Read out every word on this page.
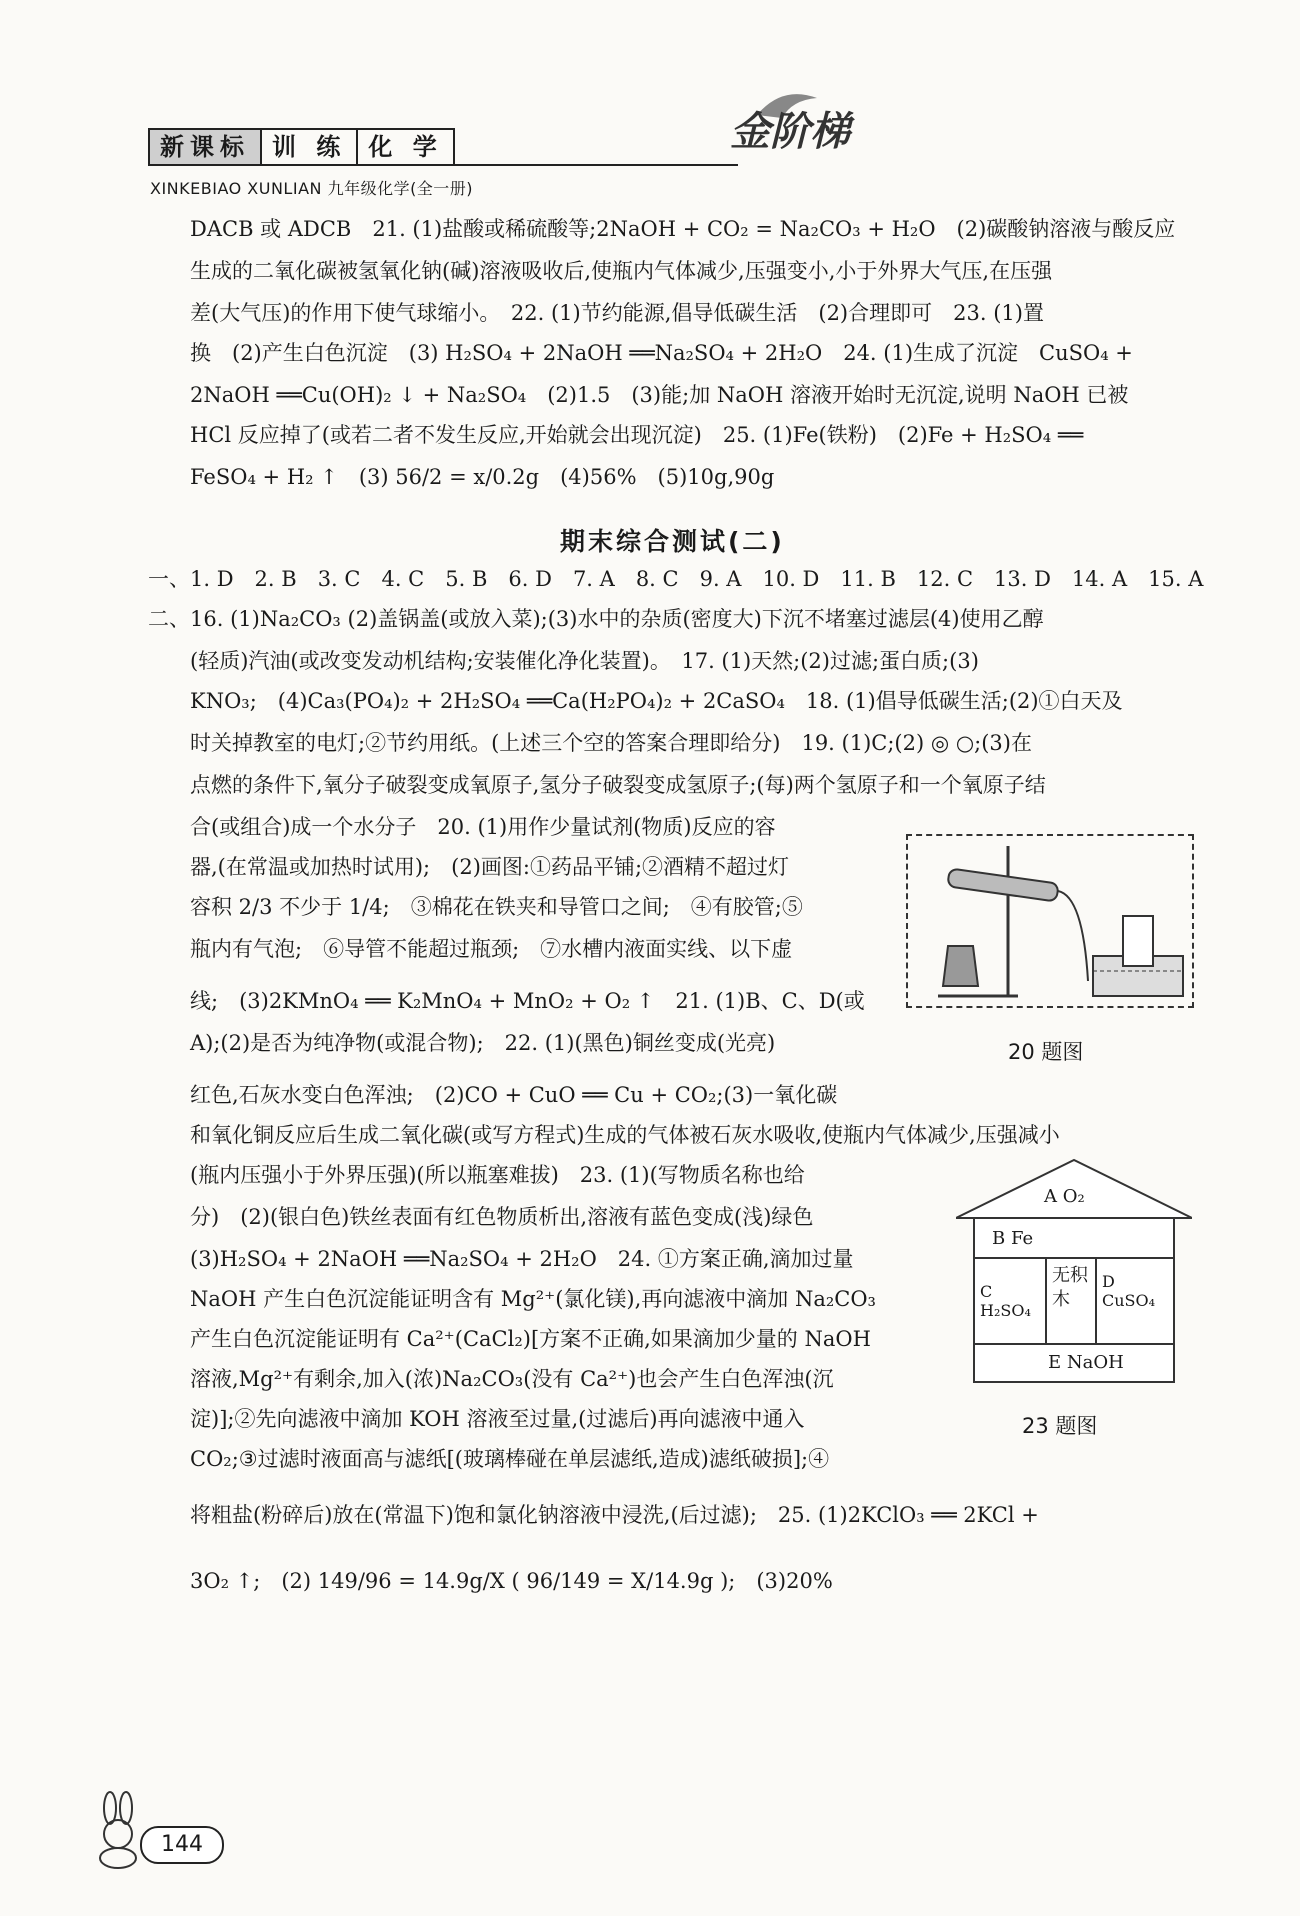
新课标 训 练 化 学
XINKEBIAO XUNLIAN 九年级化学(全一册)
金阶梯
DACB 或 ADCB　21. (1)盐酸或稀硫酸等;2NaOH + CO₂ = Na₂CO₃ + H₂O　(2)碳酸钠溶液与酸反应
生成的二氧化碳被氢氧化钠(碱)溶液吸收后,使瓶内气体减少,压强变小,小于外界大气压,在压强
差(大气压)的作用下使气球缩小。　22. (1)节约能源,倡导低碳生活　(2)合理即可　23. (1)置
换　(2)产生白色沉淀　(3) H₂SO₄ + 2NaOH ══Na₂SO₄ + 2H₂O　24. (1)生成了沉淀　CuSO₄ +
2NaOH ══Cu(OH)₂ ↓ + Na₂SO₄　(2)1.5　(3)能;加 NaOH 溶液开始时无沉淀,说明 NaOH 已被
HCl 反应掉了(或若二者不发生反应,开始就会出现沉淀)　25. (1)Fe(铁粉)　(2)Fe + H₂SO₄ ══
FeSO₄ + H₂ ↑　(3) 56/2 = x/0.2g　(4)56%　(5)10g,90g
期末综合测试(二)
一、1. D　2. B　3. C　4. C　5. B　6. D　7. A　8. C　9. A　10. D　11. B　12. C　13. D　14. A　15. A
二、16. (1)Na₂CO₃ (2)盖锅盖(或放入菜);(3)水中的杂质(密度大)下沉不堵塞过滤层(4)使用乙醇
(轻质)汽油(或改变发动机结构;安装催化净化装置)。　17. (1)天然;(2)过滤;蛋白质;(3)
KNO₃;　(4)Ca₃(PO₄)₂ + 2H₂SO₄ ══Ca(H₂PO₄)₂ + 2CaSO₄　18. (1)倡导低碳生活;(2)①白天及
时关掉教室的电灯;②节约用纸。(上述三个空的答案合理即给分)　19. (1)C;(2) ◎ ○;(3)在
点燃的条件下,氧分子破裂变成氧原子,氢分子破裂变成氢原子;(每)两个氢原子和一个氧原子结
合(或组合)成一个水分子　20. (1)用作少量试剂(物质)反应的容
器,(在常温或加热时试用);　(2)画图:①药品平铺;②酒精不超过灯
容积 2/3 不少于 1/4;　③棉花在铁夹和导管口之间;　④有胶管;⑤
瓶内有气泡;　⑥导管不能超过瓶颈;　⑦水槽内液面实线、以下虚
线;　(3)2KMnO₄ ══ K₂MnO₄ + MnO₂ + O₂ ↑　21. (1)B、C、D(或
A);(2)是否为纯净物(或混合物);　22. (1)(黑色)铜丝变成(光亮)
红色,石灰水变白色浑浊;　(2)CO + CuO ══ Cu + CO₂;(3)一氧化碳
和氧化铜反应后生成二氧化碳(或写方程式)生成的气体被石灰水吸收,使瓶内气体减少,压强减小
(瓶内压强小于外界压强)(所以瓶塞难拔)　23. (1)(写物质名称也给
分)　(2)(银白色)铁丝表面有红色物质析出,溶液有蓝色变成(浅)绿色
(3)H₂SO₄ + 2NaOH ══Na₂SO₄ + 2H₂O　24. ①方案正确,滴加过量
NaOH 产生白色沉淀能证明含有 Mg²⁺(氯化镁),再向滤液中滴加 Na₂CO₃
产生白色沉淀能证明有 Ca²⁺(CaCl₂)[方案不正确,如果滴加少量的 NaOH
溶液,Mg²⁺有剩余,加入(浓)Na₂CO₃(没有 Ca²⁺)也会产生白色浑浊(沉
淀)];②先向滤液中滴加 KOH 溶液至过量,(过滤后)再向滤液中通入
CO₂;③过滤时液面高与滤纸[(玻璃棒碰在单层滤纸,造成)滤纸破损];④
将粗盐(粉碎后)放在(常温下)饱和氯化钠溶液中浸洗,(后过滤);　25. (1)2KClO₃ ══ 2KCl +
3O₂ ↑;　(2) 149/96 = 14.9g/X ( 96/149 = X/14.9g );　(3)20%
20 题图
A O₂
B Fe
C H₂SO₄
无积木
D CuSO₄
E NaOH
23 题图
144
